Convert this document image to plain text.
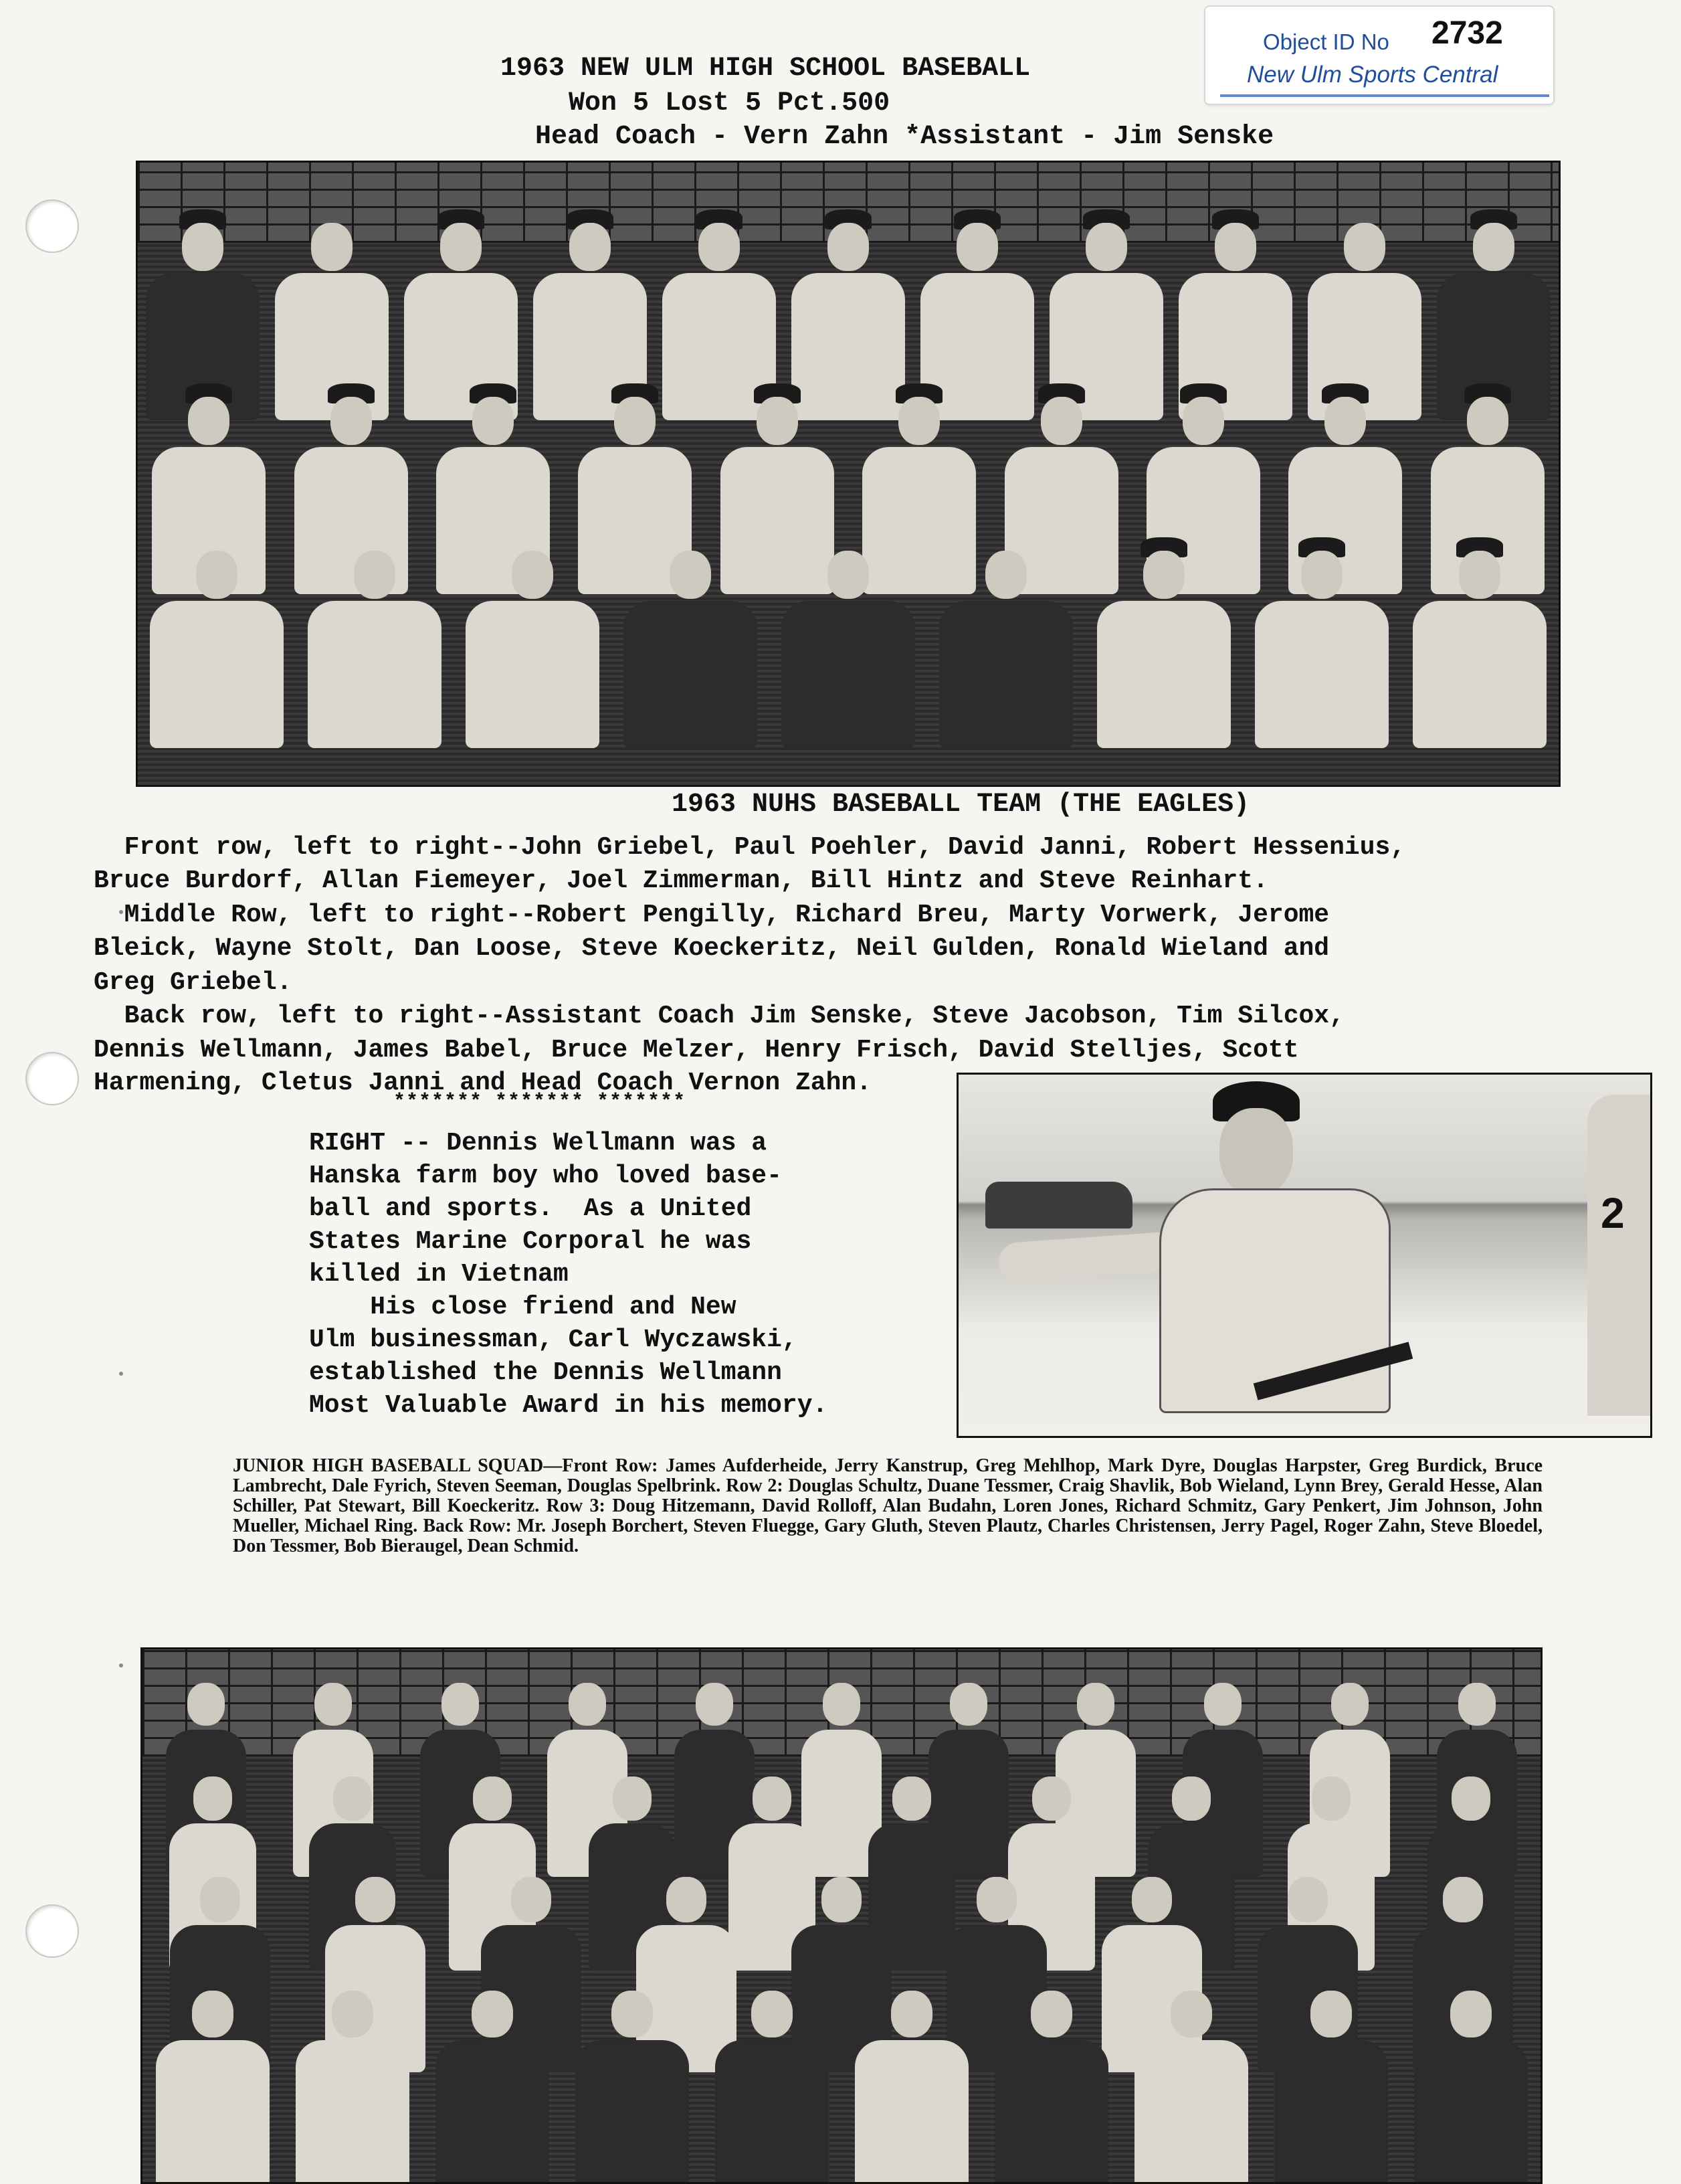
Object ID No 2732
New Ulm Sports Central
1963 NEW ULM HIGH SCHOOL BASEBALL
Won 5 Lost 5 Pct.500
Head Coach - Vern Zahn *Assistant - Jim Senske
1963 NUHS BASEBALL TEAM (THE EAGLES)
Front row, left to right--John Griebel, Paul Poehler, David Janni, Robert Hessenius,
Bruce Burdorf, Allan Fiemeyer, Joel Zimmerman, Bill Hintz and Steve Reinhart.
Middle Row, left to right--Robert Pengilly, Richard Breu, Marty Vorwerk, Jerome
Bleick, Wayne Stolt, Dan Loose, Steve Koeckeritz, Neil Gulden, Ronald Wieland and
Greg Griebel.
Back row, left to right--Assistant Coach Jim Senske, Steve Jacobson, Tim Silcox,
Dennis Wellmann, James Babel, Bruce Melzer, Henry Frisch, David Stelljes, Scott
Harmening, Cletus Janni and Head Coach Vernon Zahn.
******* ******* *******
RIGHT -- Dennis Wellmann was a
Hanska farm boy who loved base-
ball and sports.  As a United
States Marine Corporal he was
killed in Vietnam
His close friend and New
Ulm businessman, Carl Wyczawski,
established the Dennis Wellmann
Most Valuable Award in his memory.
2
JUNIOR HIGH BASEBALL SQUAD—Front Row: James Aufderheide, Jerry Kanstrup, Greg Mehlhop, Mark Dyre, Douglas Harpster, Greg Burdick, Bruce Lambrecht, Dale Fyrich, Steven Seeman, Douglas Spelbrink. Row 2: Douglas Schultz, Duane Tessmer, Craig Shavlik, Bob Wieland, Lynn Brey, Gerald Hesse, Alan Schiller, Pat Stewart, Bill Koeckeritz. Row 3: Doug Hitzemann, David Rolloff, Alan Budahn, Loren Jones, Richard Schmitz, Gary Penkert, Jim Johnson, John Mueller, Michael Ring. Back Row: Mr. Joseph Borchert, Steven Fluegge, Gary Gluth, Steven Plautz, Charles Christensen, Jerry Pagel, Roger Zahn, Steve Bloedel, Don Tessmer, Bob Bieraugel, Dean Schmid.
